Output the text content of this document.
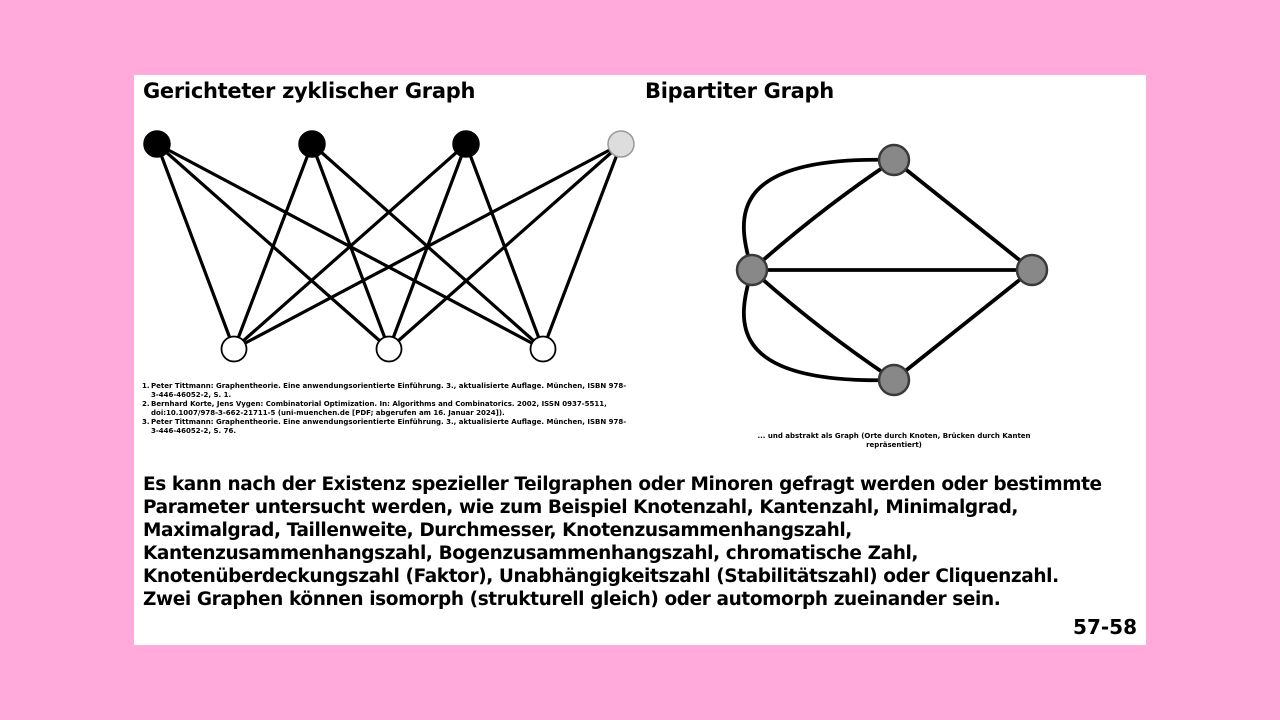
Gerichteter zyklischer Graph	Bipartiter Graph
1. Peter Tittmann: Graphentheorie. Eine anwendungsorientierte Einführung. 3., aktualisierte Auflage. München, ISBN 978-3-446-46052-2, S. 1.
2. Bernhard Korte, Jens Vygen: Combinatorial Optimization. In: Algorithms and Combinatorics. 2002, ISSN 0937-5511, doi:10.1007/978-3-662-21711-5 (uni-muenchen.de [PDF; abgerufen am 16. Januar 2024]).
3. Peter Tittmann: Graphentheorie. Eine anwendungsorientierte Einführung. 3., aktualisierte Auflage. München, ISBN 978-3-446-46052-2, S. 76.
... und abstrakt als Graph (Orte durch Knoten, Brücken durch Kanten repräsentiert)

Es kann nach der Existenz spezieller Teilgraphen oder Minoren gefragt werden oder bestimmte Parameter untersucht werden, wie zum Beispiel Knotenzahl, Kantenzahl, Minimalgrad, Maximalgrad, Taillenweite, Durchmesser, Knotenzusammenhangszahl, Kantenzusammenhangszahl, Bogenzusammenhangszahl, chromatische Zahl, Knotenüberdeckungszahl (Faktor), Unabhängigkeitszahl (Stabilitätszahl) oder Cliquenzahl. Zwei Graphen können isomorph (strukturell gleich) oder automorph zueinander sein.

57-58
